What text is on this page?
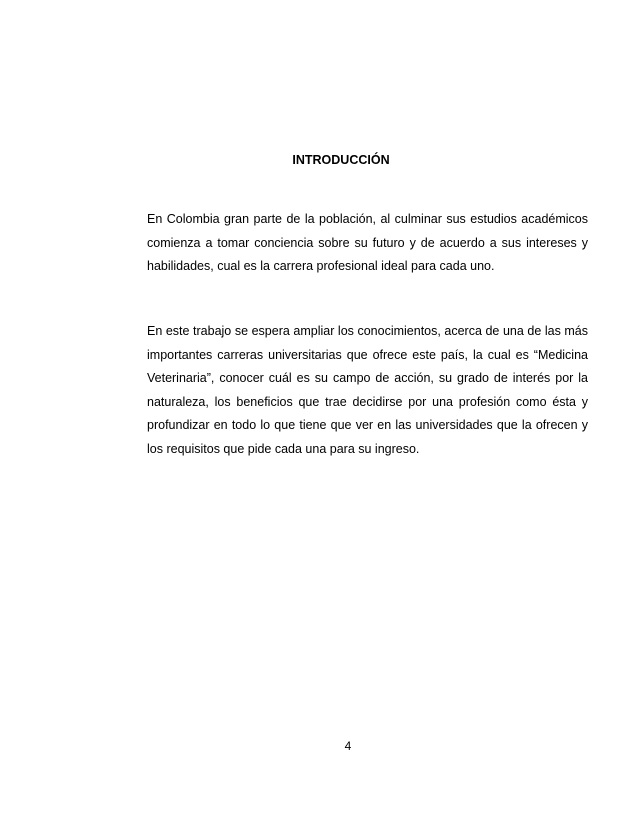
INTRODUCCIÓN

En Colombia gran parte de la población, al culminar sus estudios académicos comienza a tomar conciencia sobre su futuro y de acuerdo a sus intereses y habilidades, cual es la carrera profesional ideal para cada uno.

En este trabajo se espera ampliar los conocimientos, acerca de una de las más importantes carreras universitarias que ofrece este país, la cual es “Medicina Veterinaria”, conocer cuál es su campo de acción, su grado de interés por la naturaleza, los beneficios que trae decidirse por una profesión como ésta y profundizar en todo lo que tiene que ver en las universidades que la ofrecen y los requisitos que pide cada una para su ingreso.

4
